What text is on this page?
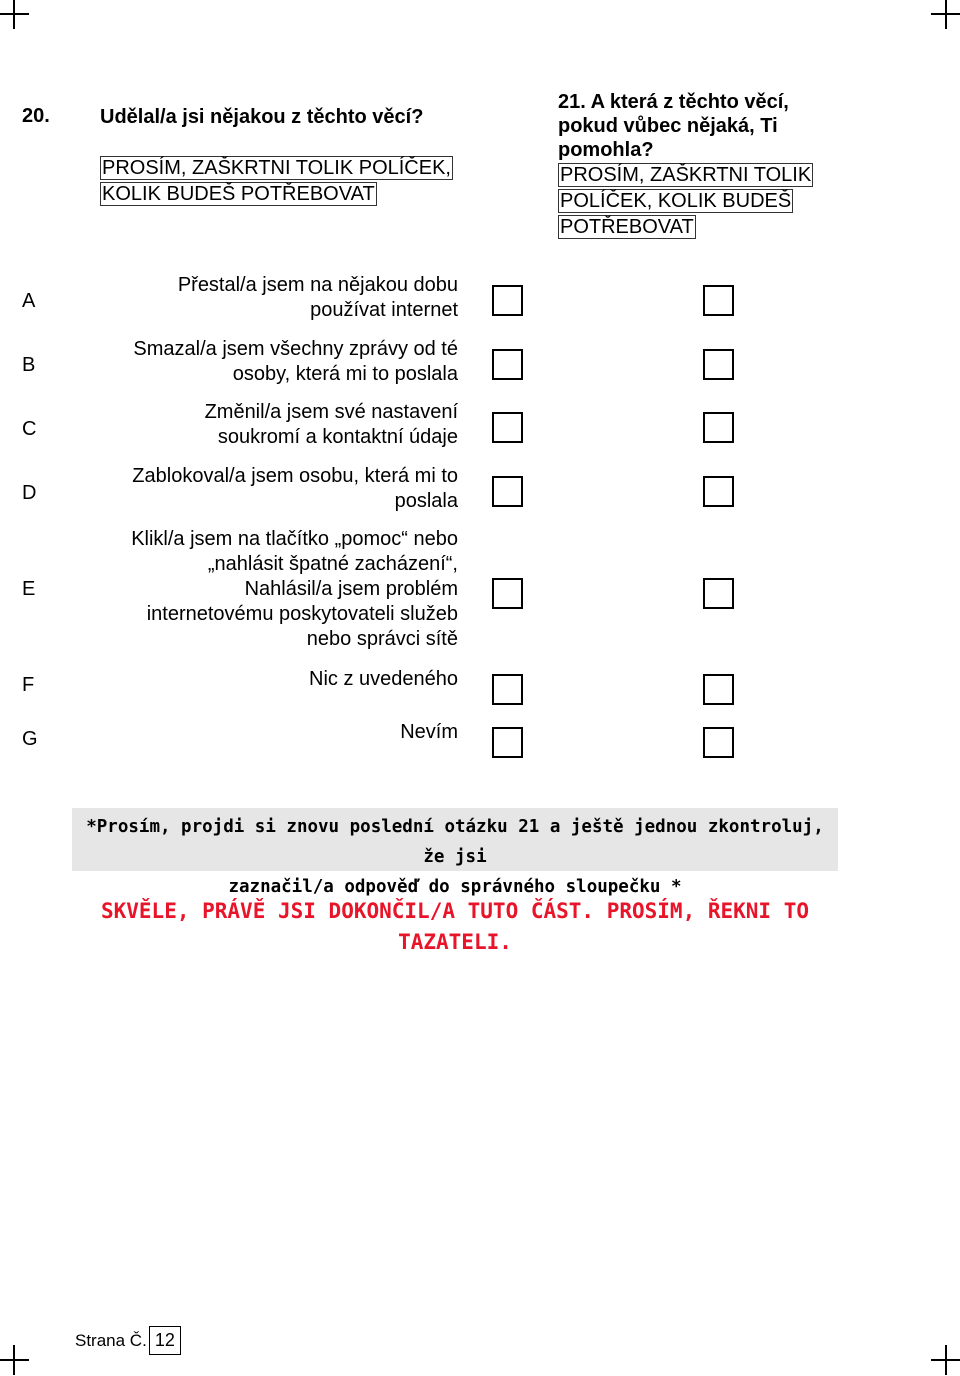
20.	Udělal/a jsi nějakou z těchto věcí?
PROSÍM, ZAŠKRTNI TOLIK POLÍČEK,
KOLIK BUDEŠ POTŘEBOVAT
21. A která z těchto věcí,
pokud vůbec nějaká, Ti
pomohla?
PROSÍM, ZAŠKRTNI TOLIK
POLÍČEK, KOLIK BUDEŠ
POTŘEBOVAT
A
Přestal/a jsem na nějakou dobu
používat internet
B
Smazal/a jsem všechny zprávy od té
osoby, která mi to poslala
C
Změnil/a jsem své nastavení
soukromí a kontaktní údaje
D
Zablokoval/a jsem osobu, která mi to
poslala
E
Klikl/a jsem na tlačítko „pomoc“ nebo
„nahlásit špatné zacházení“,
Nahlásil/a jsem problém
internetovému poskytovateli služeb
nebo správci sítě
F	Nic z uvedeného
G	Nevím
*Prosím, projdi si znovu poslední otázku 21 a ještě jednou zkontroluj, že jsi
zaznačil/a odpověď do správného sloupečku *
SKVĚLE, PRÁVĚ JSI DOKONČIL/A TUTO ČÁST. PROSÍM, ŘEKNI TO
TAZATELI.
Strana Č. 12
